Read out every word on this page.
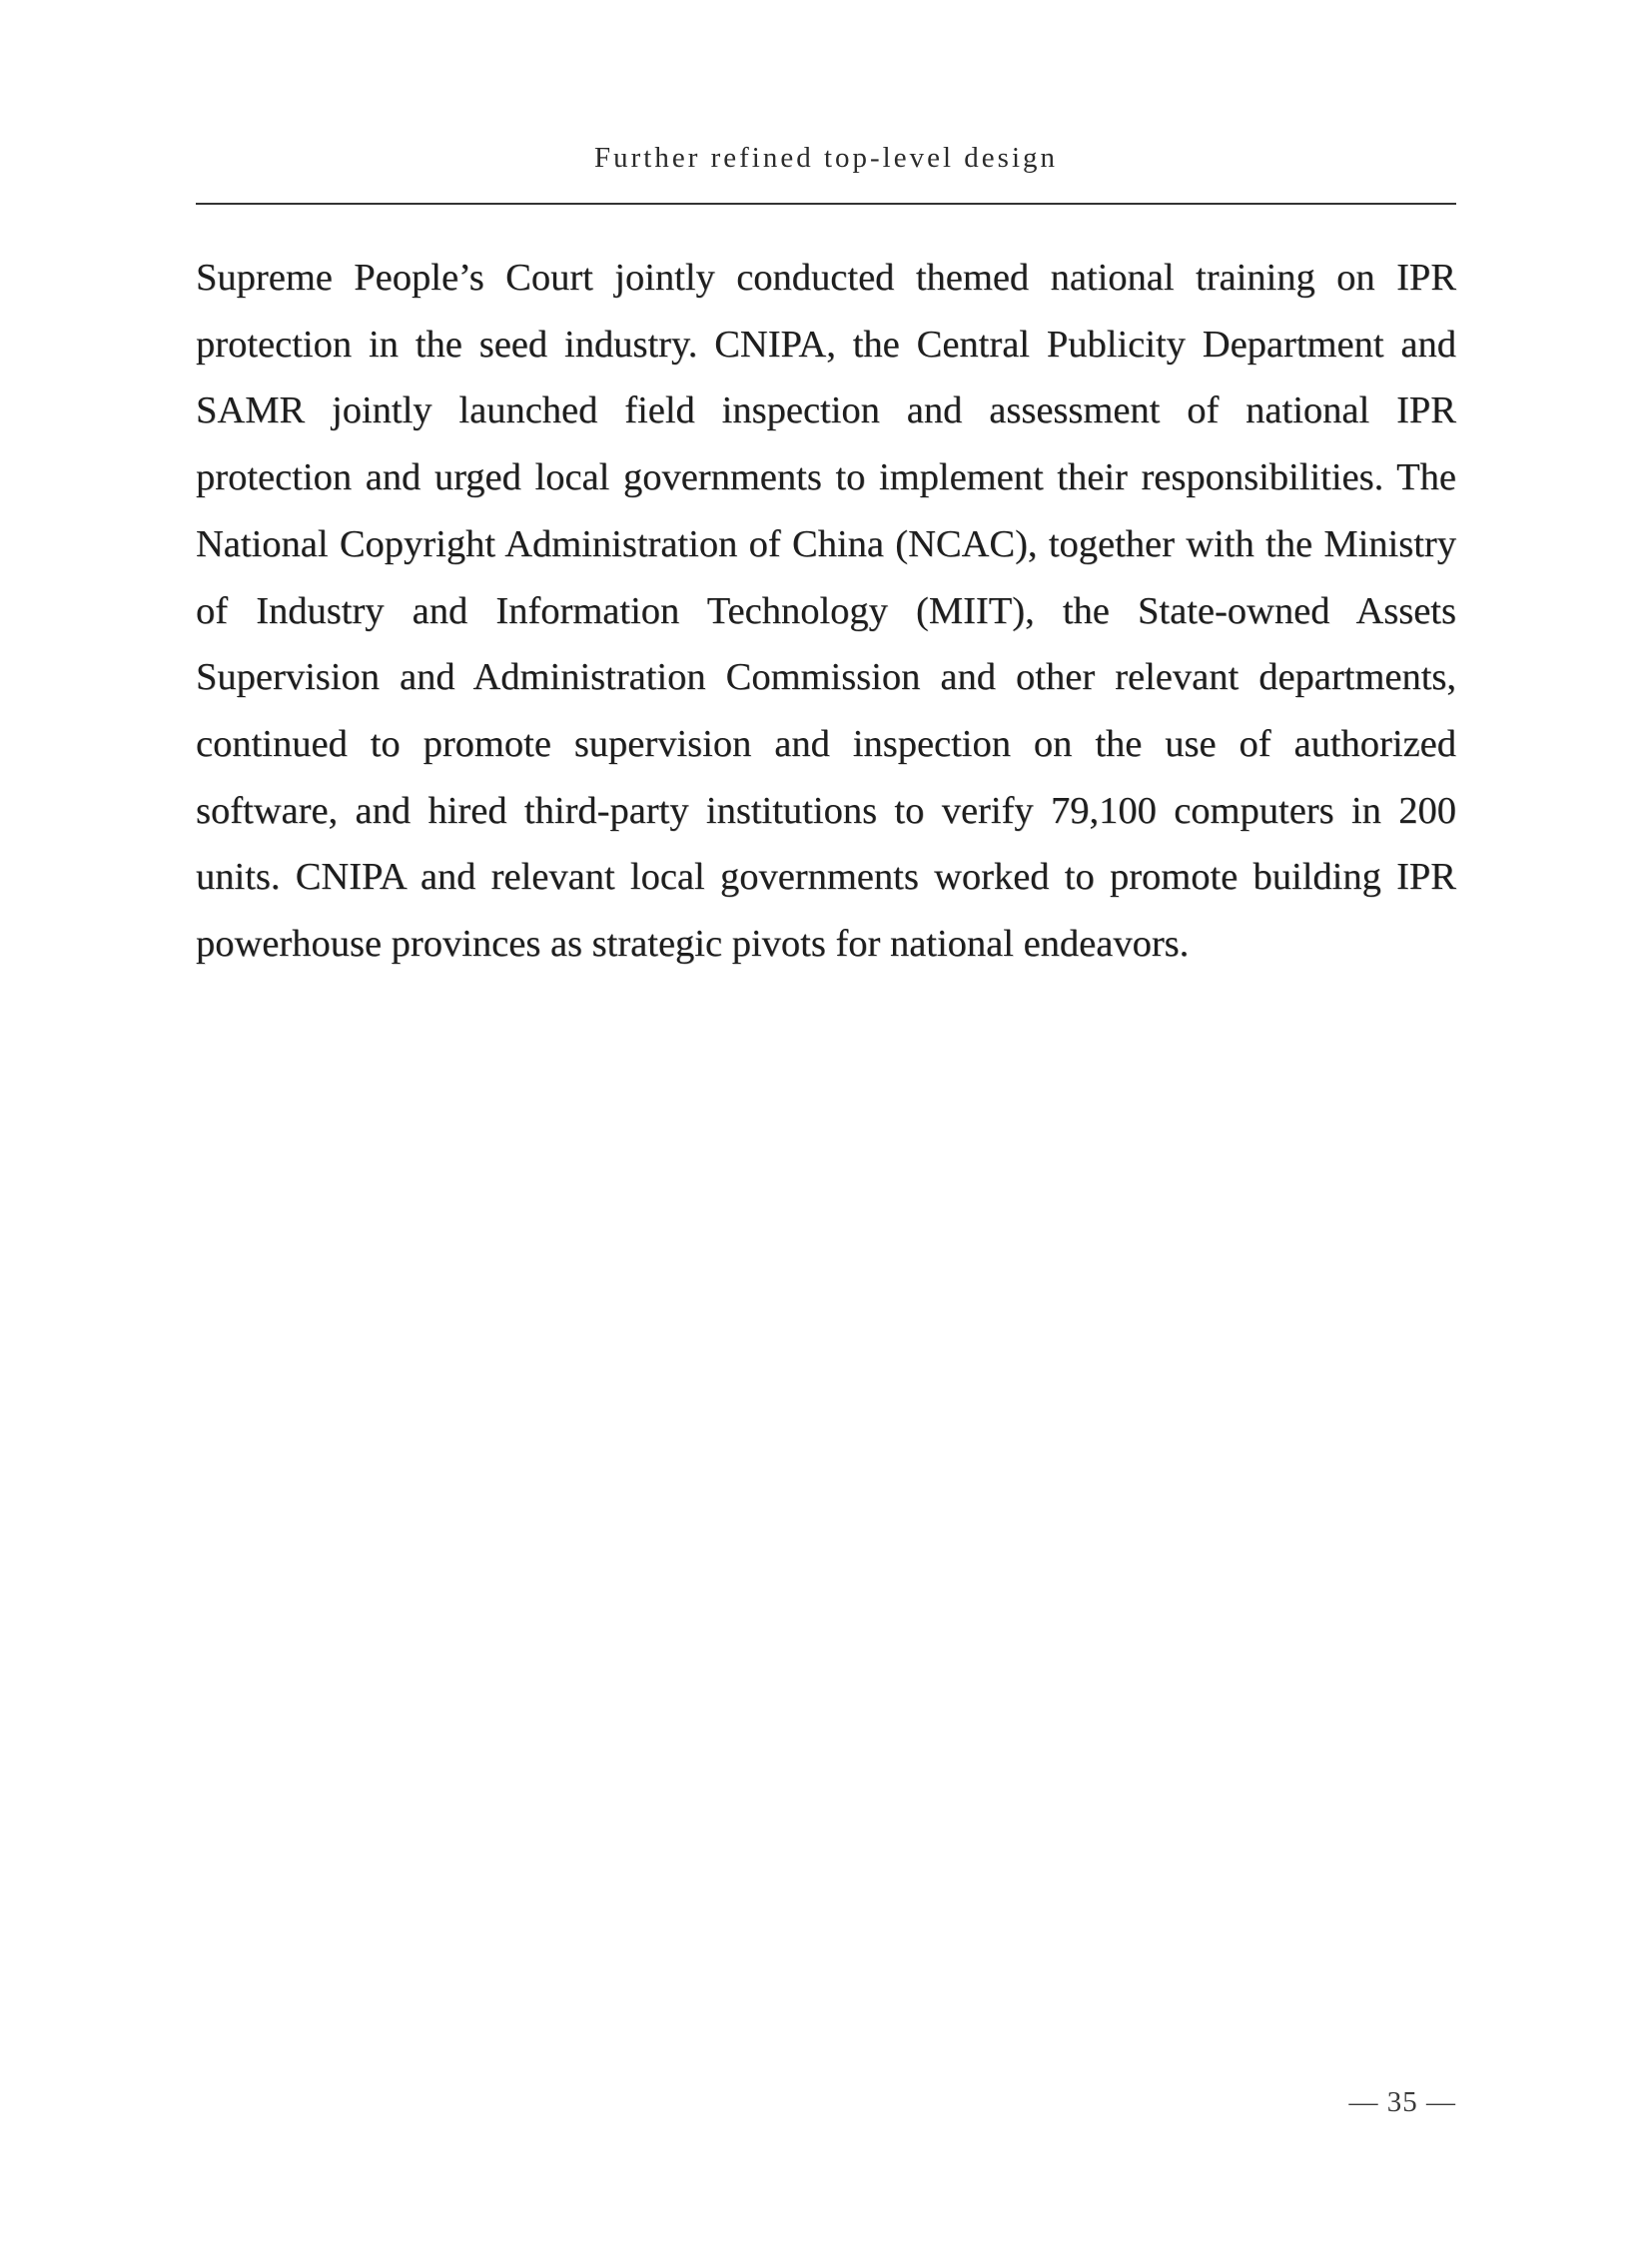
Further refined top-level design

Supreme People’s Court jointly conducted themed national training on IPR protection in the seed industry. CNIPA, the Central Publicity Department and SAMR jointly launched field inspection and assessment of national IPR protection and urged local governments to implement their responsibilities. The National Copyright Administration of China (NCAC), together with the Ministry of Industry and Information Technology (MIIT), the State-owned Assets Supervision and Administration Commission and other relevant departments, continued to promote supervision and inspection on the use of authorized software, and hired third-party institutions to verify 79,100 computers in 200 units. CNIPA and relevant local governments worked to promote building IPR powerhouse provinces as strategic pivots for national endeavors.

— 35 —
